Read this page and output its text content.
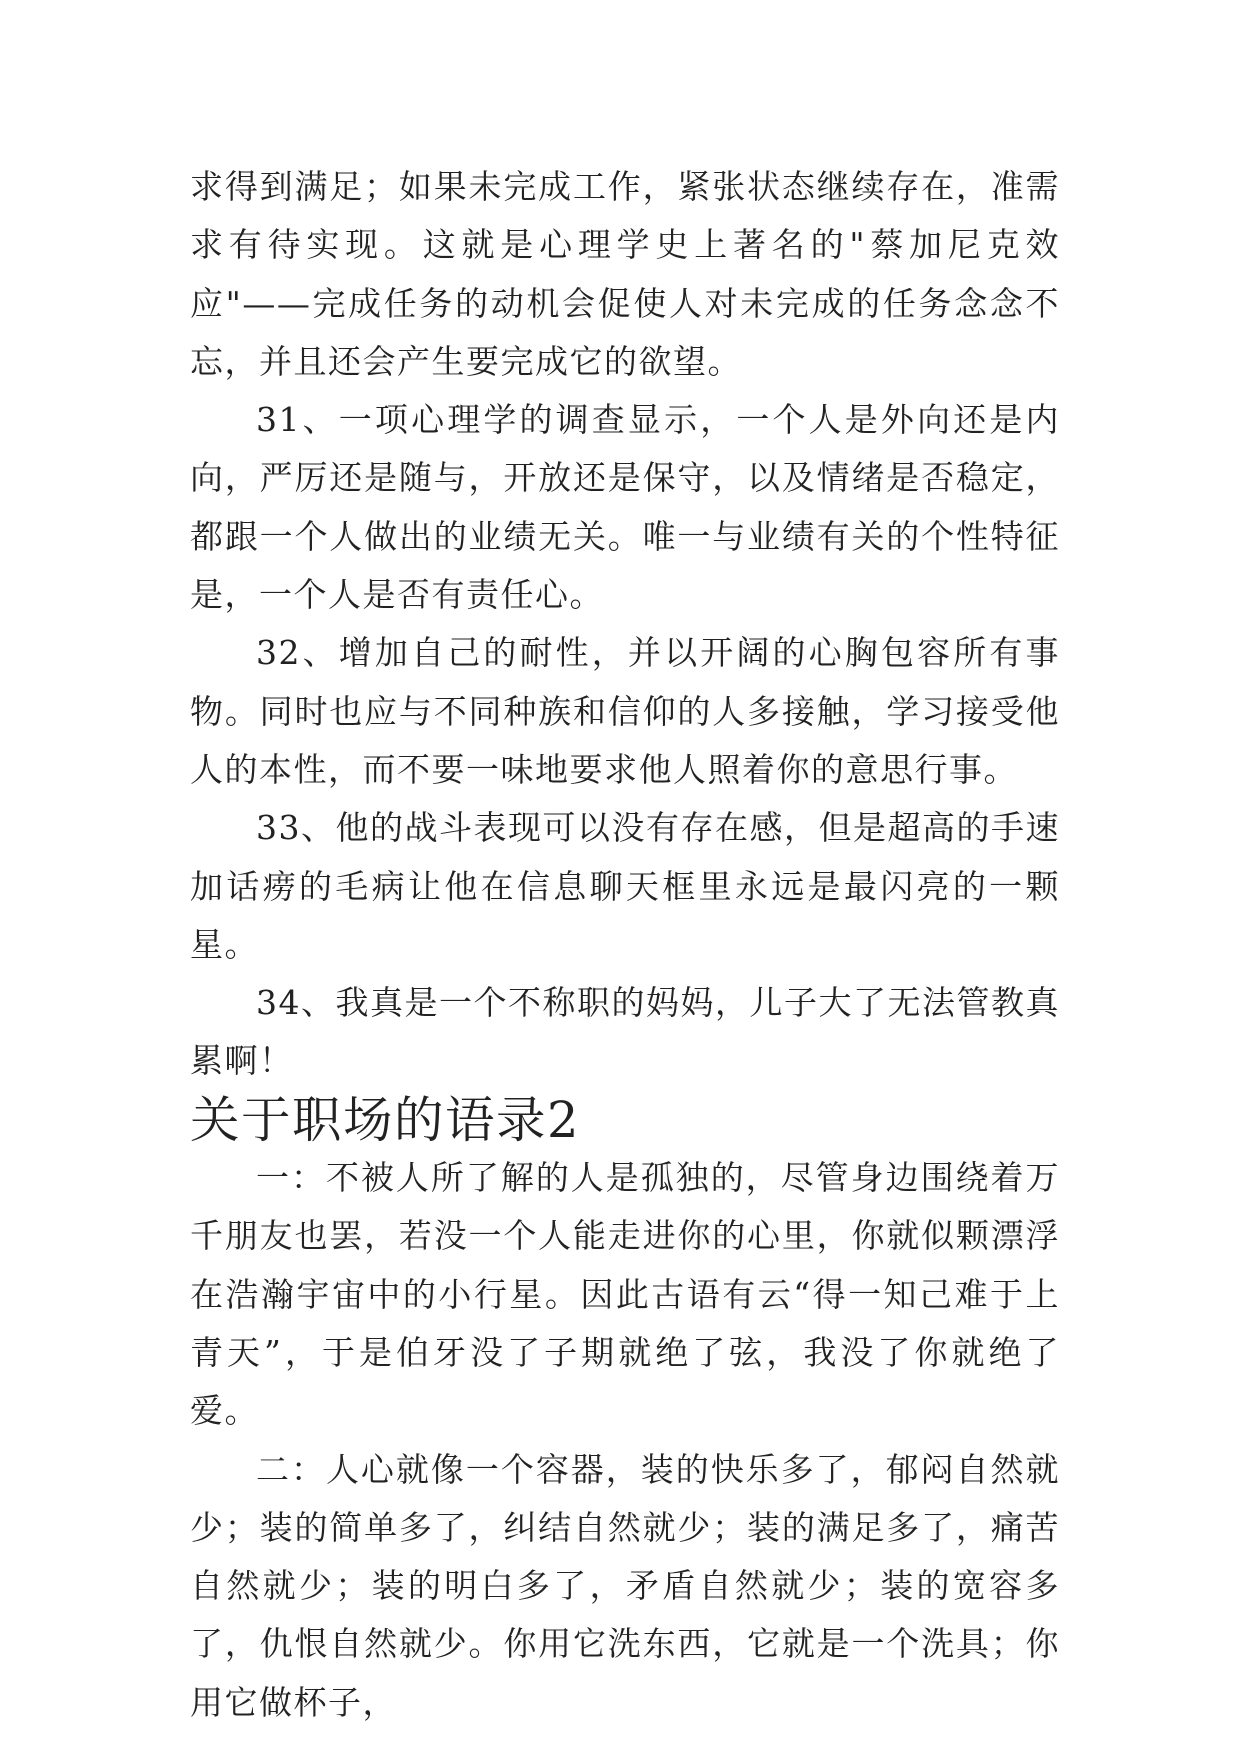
求得到满足；如果未完成工作，紧张状态继续存在，准需求有待实现。这就是心理学史上著名的"蔡加尼克效应"——完成任务的动机会促使人对未完成的任务念念不忘，并且还会产生要完成它的欲望。

31、一项心理学的调查显示，一个人是外向还是内向，严厉还是随与，开放还是保守，以及情绪是否稳定，都跟一个人做出的业绩无关。唯一与业绩有关的个性特征是，一个人是否有责任心。

32、增加自己的耐性，并以开阔的心胸包容所有事物。同时也应与不同种族和信仰的人多接触，学习接受他人的本性，而不要一味地要求他人照着你的意思行事。

33、他的战斗表现可以没有存在感，但是超高的手速加话痨的毛病让他在信息聊天框里永远是最闪亮的一颗星。

34、我真是一个不称职的妈妈，儿子大了无法管教真累啊！

关于职场的语录2

一：不被人所了解的人是孤独的，尽管身边围绕着万千朋友也罢，若没一个人能走进你的心里，你就似颗漂浮在浩瀚宇宙中的小行星。因此古语有云“得一知己难于上青天”，于是伯牙没了子期就绝了弦，我没了你就绝了爱。

二：人心就像一个容器，装的快乐多了，郁闷自然就少；装的简单多了，纠结自然就少；装的满足多了，痛苦自然就少；装的明白多了，矛盾自然就少；装的宽容多了，仇恨自然就少。你用它洗东西，它就是一个洗具；你用它做杯子，
